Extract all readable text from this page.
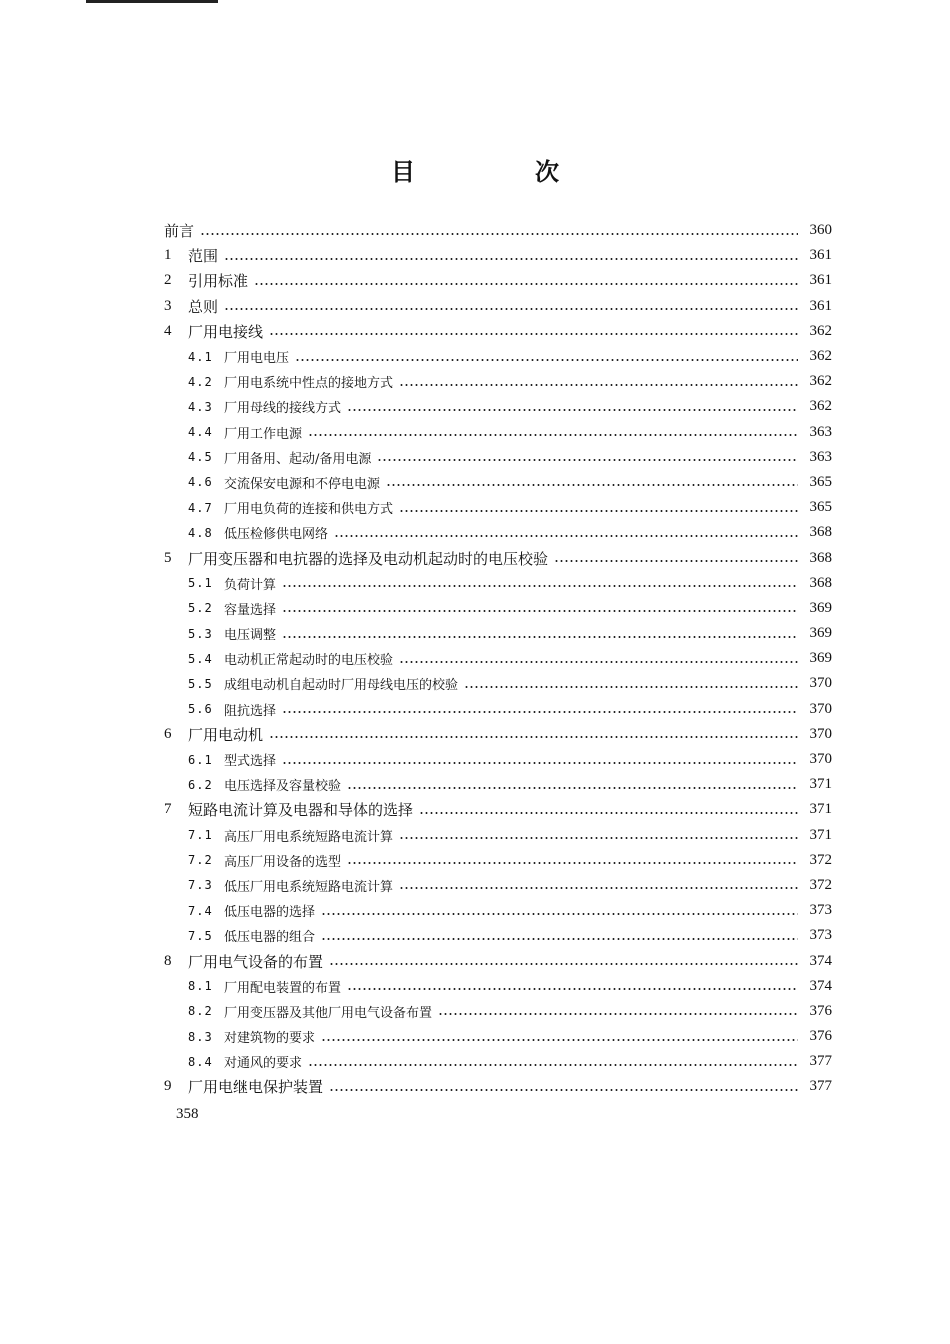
目　次
前言	360
1	范围	361
2	引用标准	361
3	总则	361
4	厂用电接线	362
4.1 厂用电电压	362
4.2 厂用电系统中性点的接地方式	362
4.3 厂用母线的接线方式	362
4.4 厂用工作电源	363
4.5 厂用备用、起动/备用电源	363
4.6 交流保安电源和不停电电源	365
4.7 厂用电负荷的连接和供电方式	365
4.8 低压检修供电网络	368
5	厂用变压器和电抗器的选择及电动机起动时的电压校验	368
5.1 负荷计算	368
5.2 容量选择	369
5.3 电压调整	369
5.4 电动机正常起动时的电压校验	369
5.5 成组电动机自起动时厂用母线电压的校验	370
5.6 阻抗选择	370
6	厂用电动机	370
6.1 型式选择	370
6.2 电压选择及容量校验	371
7	短路电流计算及电器和导体的选择	371
7.1 高压厂用电系统短路电流计算	371
7.2 高压厂用设备的选型	372
7.3 低压厂用电系统短路电流计算	372
7.4 低压电器的选择	373
7.5 低压电器的组合	373
8	厂用电气设备的布置	374
8.1 厂用配电装置的布置	374
8.2 厂用变压器及其他厂用电气设备布置	376
8.3 对建筑物的要求	376
8.4 对通风的要求	377
9	厂用电继电保护装置	377
358
